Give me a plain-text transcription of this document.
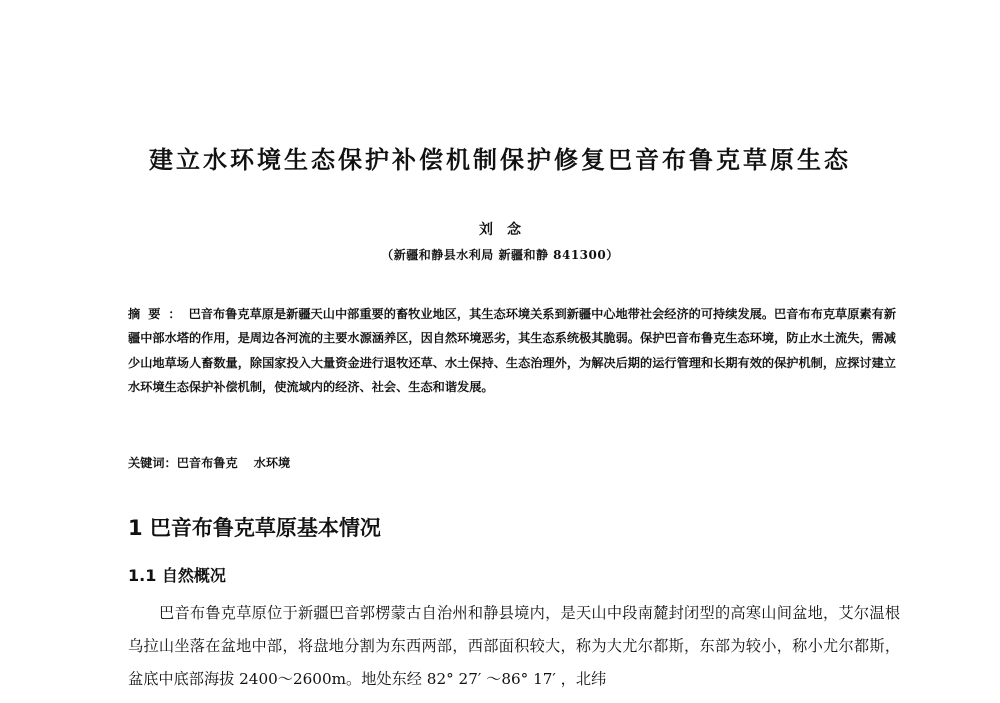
建立水环境生态保护补偿机制保护修复巴音布鲁克草原生态
刘念
（新疆和静县水利局 新疆和静 841300）
摘要：巴音布鲁克草原是新疆天山中部重要的畜牧业地区，其生态环境关系到新疆中心地带社会经济的可持续发展。巴音布布克草原素有新疆中部水塔的作用，是周边各河流的主要水源涵养区，因自然环境恶劣，其生态系统极其脆弱。保护巴音布鲁克生态环境，防止水土流失，需减少山地草场人畜数量，除国家投入大量资金进行退牧还草、水土保持、生态治理外，为解决后期的运行管理和长期有效的保护机制，应探讨建立水环境生态保护补偿机制，使流域内的经济、社会、生态和谐发展。
关键词：巴音布鲁克 水环境
1 巴音布鲁克草原基本情况
1.1 自然概况
巴音布鲁克草原位于新疆巴音郭楞蒙古自治州和静县境内，是天山中段南麓封闭型的高寒山间盆地，艾尔温根乌拉山坐落在盆地中部，将盘地分割为东西两部，西部面积较大，称为大尤尔都斯，东部为较小，称小尤尔都斯，盆底中底部海拔 2400～2600m。地处东经 82° 27′ ～86° 17′ ，北纬
